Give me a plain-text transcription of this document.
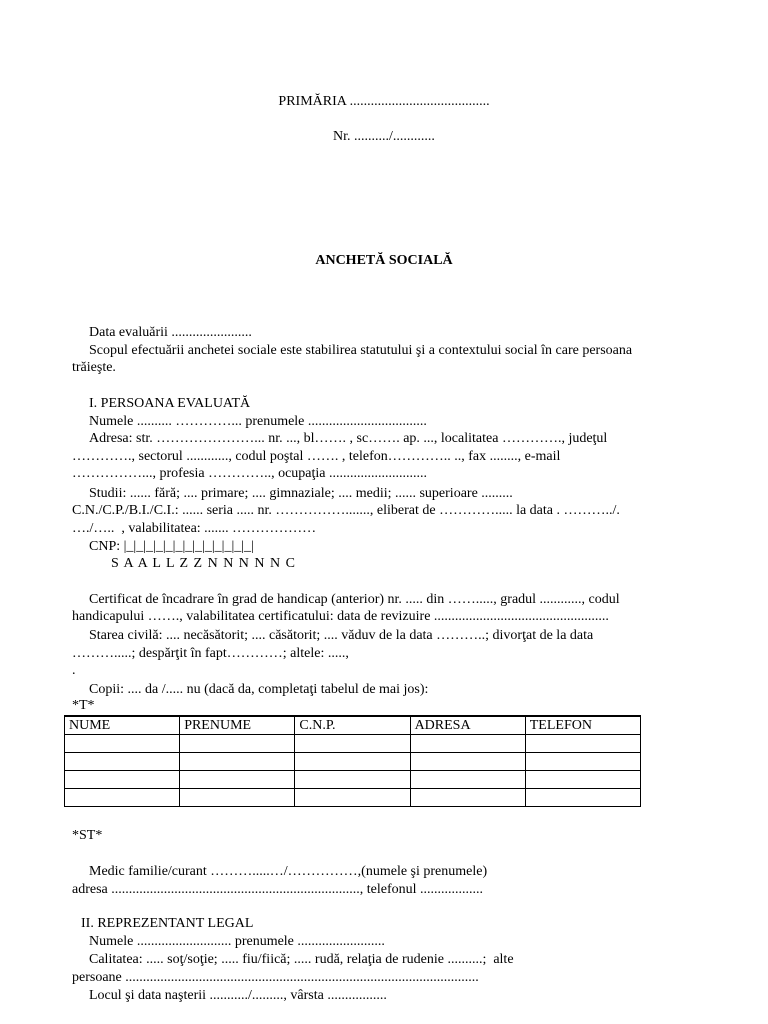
PRIMĂRIA ........................................
Nr. ........../............
ANCHETĂ SOCIALĂ
Data evaluării .......................
Scopul efectuării anchetei sociale este stabilirea statutului şi a contextului social în care persoana
trăieşte.
I. PERSOANA EVALUATĂ
Numele .......... …………... prenumele ..................................
Adresa: str. …………………... nr. ..., bl……. , sc……. ap. ..., localitatea …………., judeţul
…………., sectorul ............, codul poştal ……. , telefon………….. .., fax ........, e-mail
……………..., profesia ………….., ocupaţia ............................
Studii: ...... fără; .... primare; .... gimnaziale; .... medii; ...... superioare .........
C.N./C.P./B.I./C.I.: ...... seria ..... nr. ……………......., eliberat de …………..... la data . ………../.
…./…..  , valabilitatea: ....... ………………
CNP: |_|_|_|_|_|_|_|_|_|_|_|_|_|
S A A L L Z Z N N N N N C
Certificat de încadrare în grad de handicap (anterior) nr. ..... din ……....., gradul ............, codul
handicapului ……., valabilitatea certificatului: data de revizuire ..................................................
Starea civilă: .... necăsătorit; .... căsătorit; .... văduv de la data ………..; divorţat de la data
……….....; despărţit în fapt…………; altele: .....,
.
Copii: .... da /..... nu (dacă da, completaţi tabelul de mai jos):
*T*
NUME	PRENUME	C.N.P.	ADRESA	TELEFON

*ST*
Medic familie/curant ……….....…/……………,(numele şi prenumele)
adresa ......................................................................., telefonul ..................
II. REPREZENTANT LEGAL
Numele ........................... prenumele .........................
Calitatea: ..... soţ/soţie; ..... fiu/fiică; ..... rudă, relaţia de rudenie ..........;  alte
persoane .....................................................................................................
Locul şi data naşterii .........../........., vârsta .................
